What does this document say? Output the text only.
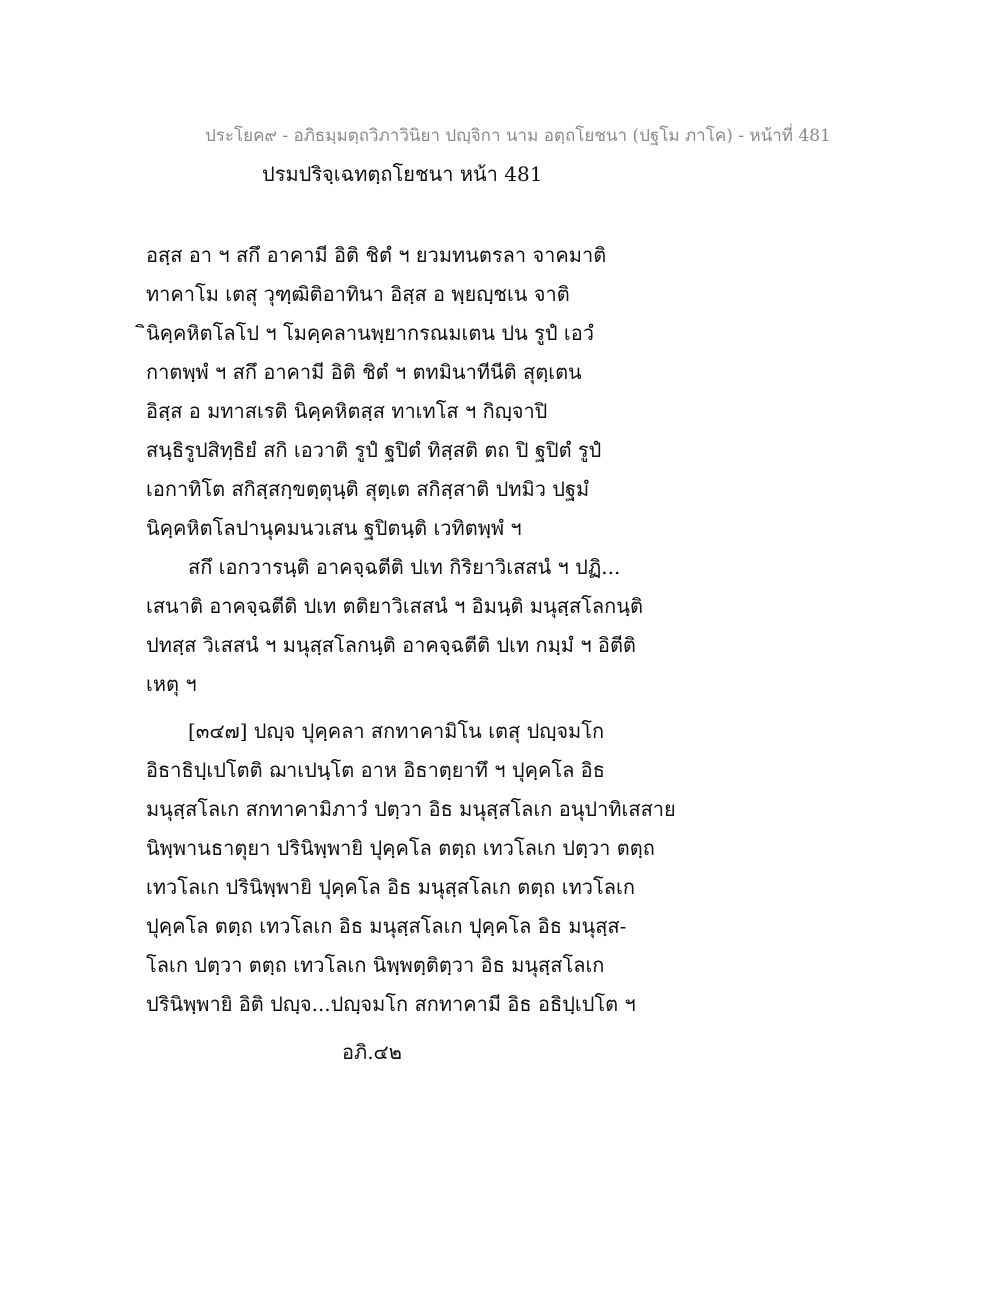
ประโยค๙ - อภิธมฺมตฺถวิภาวินิยา ปญฺจิกา นาม อตฺถโยชนา (ปฐโม ภาโค) - หน้าที่ 481
ปรมปริจฺเฉทตฺถโยชนา หน้า 481
อสฺส อา ฯ สกึ อาคามี อิติ ชิตํ ฯ ยวมทนตรลา จาคมาติ
ทาคาโม เตสุ วุฑฺฒิติอาทินา อิสฺส อ พฺยญฺชเน จาติ
ินิคฺคหิตโลโป ฯ โมคฺคลานพฺยากรณมเตน ปน รูปํ เอวํ
กาตพฺพํ ฯ สกึ อาคามี อิติ ชิตํ ฯ ตทมินาทีนีติ สุตฺเตน
อิสฺส อ มทาสเรติ นิคฺคหิตสฺส ทาเทโส ฯ กิญฺจาปิ
สนฺธิรูปสิทฺธิยํ สกิ เอวาติ รูปํ ฐปิตํ ทิสฺสติ ตถ ปิ ฐปิตํ รูปํ
เอกาทิโต สกิสฺสกฺขตฺตุนฺติ สุตฺเต สกิสฺสาติ ปทมิว ปฐมํ
นิคฺคหิตโลปานุคมนวเสน ฐปิตนฺติ เวทิตพฺพํ ฯ
สกึ เอกวารนฺติ อาคจฺฉตีติ ปเท กิริยาวิเสสนํ ฯ ปฏิ...
เสนาติ อาคจฺฉตีติ ปเท ตติยาวิเสสนํ ฯ อิมนฺติ มนุสฺสโลกนฺติ
ปทสฺส วิเสสนํ ฯ มนุสฺสโลกนฺติ อาคจฺฉตีติ ปเท กมฺมํ ฯ อิตีติ
เหตุ ฯ
[๓๔๗] ปญฺจ ปุคฺคลา สกทาคามิโน เตสุ ปญฺจมโก
อิธาธิปฺเปโตติ ฌาเปนฺโต อาห อิธาตฺยาทึ ฯ ปุคฺคโล อิธ
มนุสฺสโลเก สกทาคามิภาวํ ปตฺวา อิธ มนุสฺสโลเก อนุปาทิเสสาย
นิพฺพานธาตุยา ปรินิพฺพายิ ปุคฺคโล ตตฺถ เทวโลเก ปตฺวา ตตฺถ
เทวโลเก ปรินิพฺพายิ ปุคฺคโล อิธ มนุสฺสโลเก ตตฺถ เทวโลเก
ปุคฺคโล ตตฺถ เทวโลเก อิธ มนุสฺสโลเก ปุคฺคโล อิธ มนุสฺส-
โลเก ปตฺวา ตตฺถ เทวโลเก นิพฺพตฺติตฺวา อิธ มนุสฺสโลเก
ปรินิพฺพายิ อิติ ปญฺจ...ปญฺจมโก สกทาคามี อิธ อธิปฺเปโต ฯ
อภิ.๔๒
